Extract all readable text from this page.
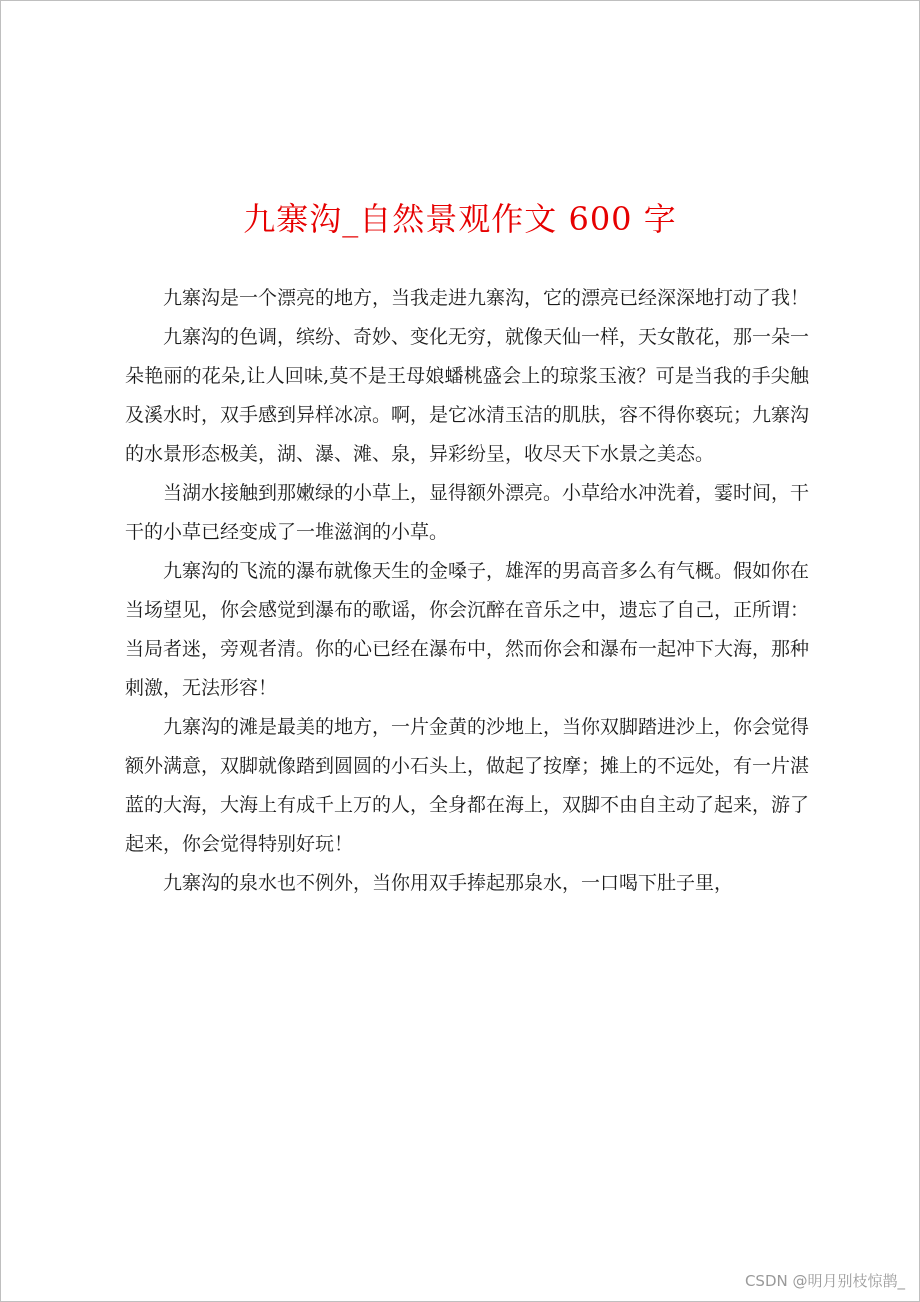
九寨沟_自然景观作文 600 字

九寨沟是一个漂亮的地方，当我走进九寨沟，它的漂亮已经深深地打动了我！

九寨沟的色调，缤纷、奇妙、变化无穷，就像天仙一样，天女散花，那一朵一朵艳丽的花朵,让人回味,莫不是王母娘蟠桃盛会上的琼浆玉液？可是当我的手尖触及溪水时，双手感到异样冰凉。啊，是它冰清玉洁的肌肤，容不得你亵玩；九寨沟的水景形态极美，湖、瀑、滩、泉，异彩纷呈，收尽天下水景之美态。

当湖水接触到那嫩绿的小草上，显得额外漂亮。小草给水冲洗着，霎时间，干干的小草已经变成了一堆滋润的小草。

九寨沟的飞流的瀑布就像天生的金嗓子，雄浑的男高音多么有气概。假如你在当场望见，你会感觉到瀑布的歌谣，你会沉醉在音乐之中，遗忘了自己，正所谓：当局者迷，旁观者清。你的心已经在瀑布中，然而你会和瀑布一起冲下大海，那种刺激，无法形容！

九寨沟的滩是最美的地方，一片金黄的沙地上，当你双脚踏进沙上，你会觉得额外满意，双脚就像踏到圆圆的小石头上，做起了按摩；摊上的不远处，有一片湛蓝的大海，大海上有成千上万的人，全身都在海上，双脚不由自主动了起来，游了起来，你会觉得特别好玩！

九寨沟的泉水也不例外，当你用双手捧起那泉水，一口喝下肚子里，

CSDN @明月别枝惊鹊_
